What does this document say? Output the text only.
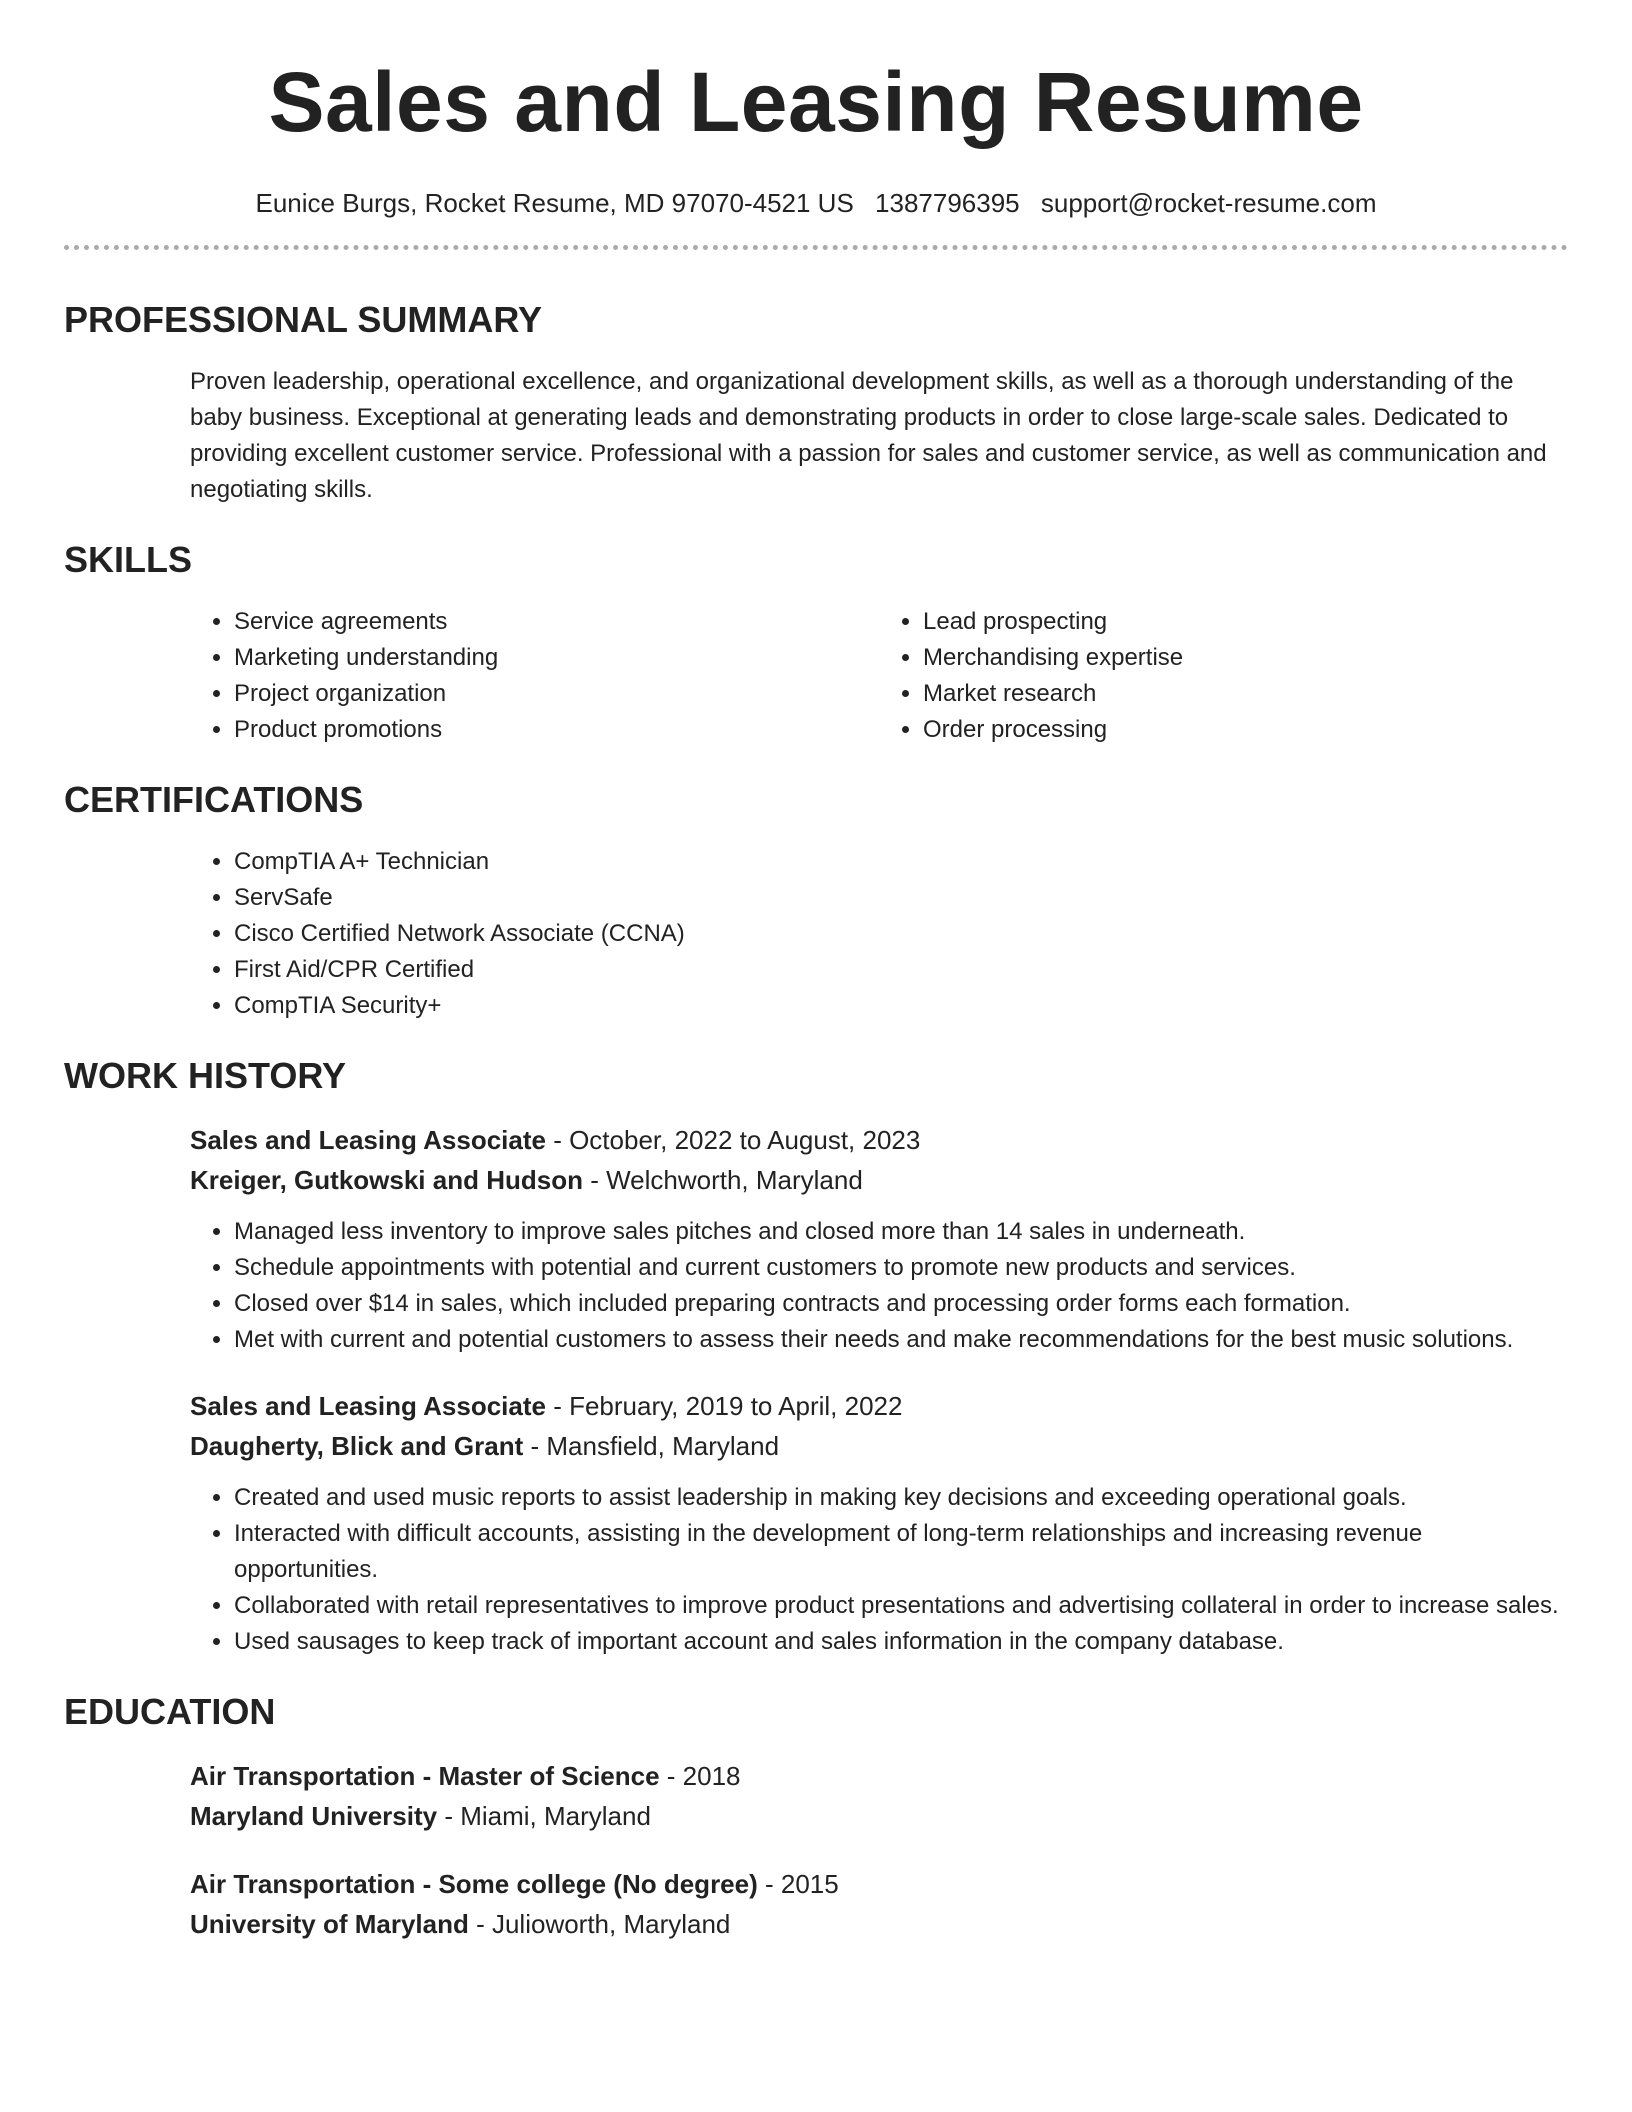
Sales and Leasing Resume
Eunice Burgs, Rocket Resume, MD 97070-4521 US 1387796395 support@rocket-resume.com
PROFESSIONAL SUMMARY
Proven leadership, operational excellence, and organizational development skills, as well as a thorough understanding of the baby business. Exceptional at generating leads and demonstrating products in order to close large-scale sales. Dedicated to providing excellent customer service. Professional with a passion for sales and customer service, as well as communication and negotiating skills.
SKILLS
• Service agreements
• Marketing understanding
• Project organization
• Product promotions
• Lead prospecting
• Merchandising expertise
• Market research
• Order processing
CERTIFICATIONS
• CompTIA A+ Technician
• ServSafe
• Cisco Certified Network Associate (CCNA)
• First Aid/CPR Certified
• CompTIA Security+
WORK HISTORY
Sales and Leasing Associate - October, 2022 to August, 2023
Kreiger, Gutkowski and Hudson - Welchworth, Maryland
• Managed less inventory to improve sales pitches and closed more than 14 sales in underneath.
• Schedule appointments with potential and current customers to promote new products and services.
• Closed over $14 in sales, which included preparing contracts and processing order forms each formation.
• Met with current and potential customers to assess their needs and make recommendations for the best music solutions.
Sales and Leasing Associate - February, 2019 to April, 2022
Daugherty, Blick and Grant - Mansfield, Maryland
• Created and used music reports to assist leadership in making key decisions and exceeding operational goals.
• Interacted with difficult accounts, assisting in the development of long-term relationships and increasing revenue opportunities.
• Collaborated with retail representatives to improve product presentations and advertising collateral in order to increase sales.
• Used sausages to keep track of important account and sales information in the company database.
EDUCATION
Air Transportation - Master of Science - 2018
Maryland University - Miami, Maryland
Air Transportation - Some college (No degree) - 2015
University of Maryland - Julioworth, Maryland
